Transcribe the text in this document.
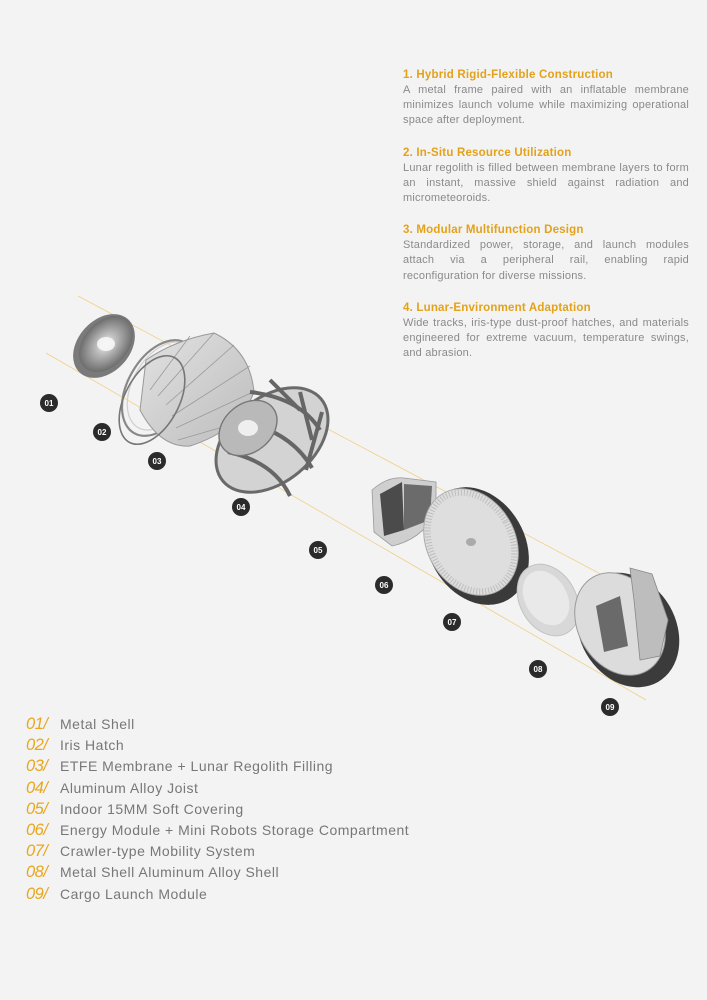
01
02
03
04
05
06
07
08
09
1. Hybrid Rigid-Flexible Construction
A metal frame paired with an inflatable membrane minimizes launch volume while maximizing operational space after deployment.
2. In-Situ Resource Utilization
Lunar regolith is filled between membrane layers to form an instant, massive shield against radiation and micrometeoroids.
3. Modular Multifunction Design
Standardized power, storage, and launch modules attach via a peripheral rail, enabling rapid reconfiguration for diverse missions.
4. Lunar-Environment Adaptation
Wide tracks, iris-type dust-proof hatches, and materials engineered for extreme vacuum, temperature swings, and abrasion.
01/ Metal Shell
02/ Iris Hatch
03/ ETFE Membrane + Lunar Regolith Filling
04/ Aluminum Alloy Joist
05/ Indoor 15MM Soft Covering
06/ Energy Module + Mini Robots Storage Compartment
07/ Crawler-type Mobility System
08/ Metal Shell Aluminum Alloy Shell
09/ Cargo Launch Module
